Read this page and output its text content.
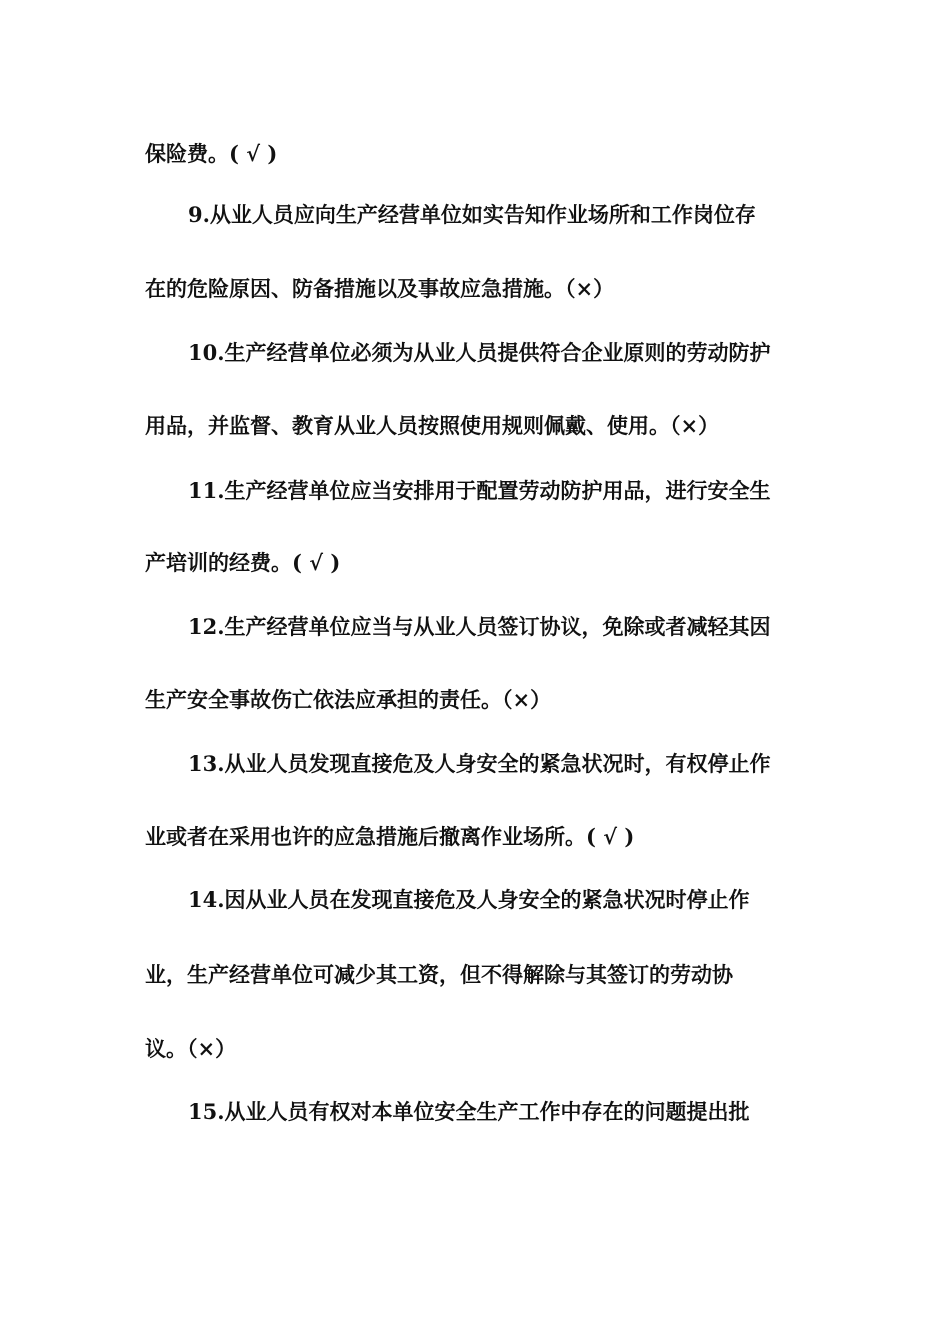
保险费。( √ )
9.从业人员应向生产经营单位如实告知作业场所和工作岗位存
在的危险原因、防备措施以及事故应急措施。（×）
10.生产经营单位必须为从业人员提供符合企业原则的劳动防护
用品，并监督、教育从业人员按照使用规则佩戴、使用。（×）
11.生产经营单位应当安排用于配置劳动防护用品，进行安全生
产培训的经费。( √ )
12.生产经营单位应当与从业人员签订协议，免除或者减轻其因
生产安全事故伤亡依法应承担的责任。（×）
13.从业人员发现直接危及人身安全的紧急状况时，有权停止作
业或者在采用也许的应急措施后撤离作业场所。( √ )
14.因从业人员在发现直接危及人身安全的紧急状况时停止作
业，生产经营单位可减少其工资，但不得解除与其签订的劳动协
议。（×）
15.从业人员有权对本单位安全生产工作中存在的问题提出批
